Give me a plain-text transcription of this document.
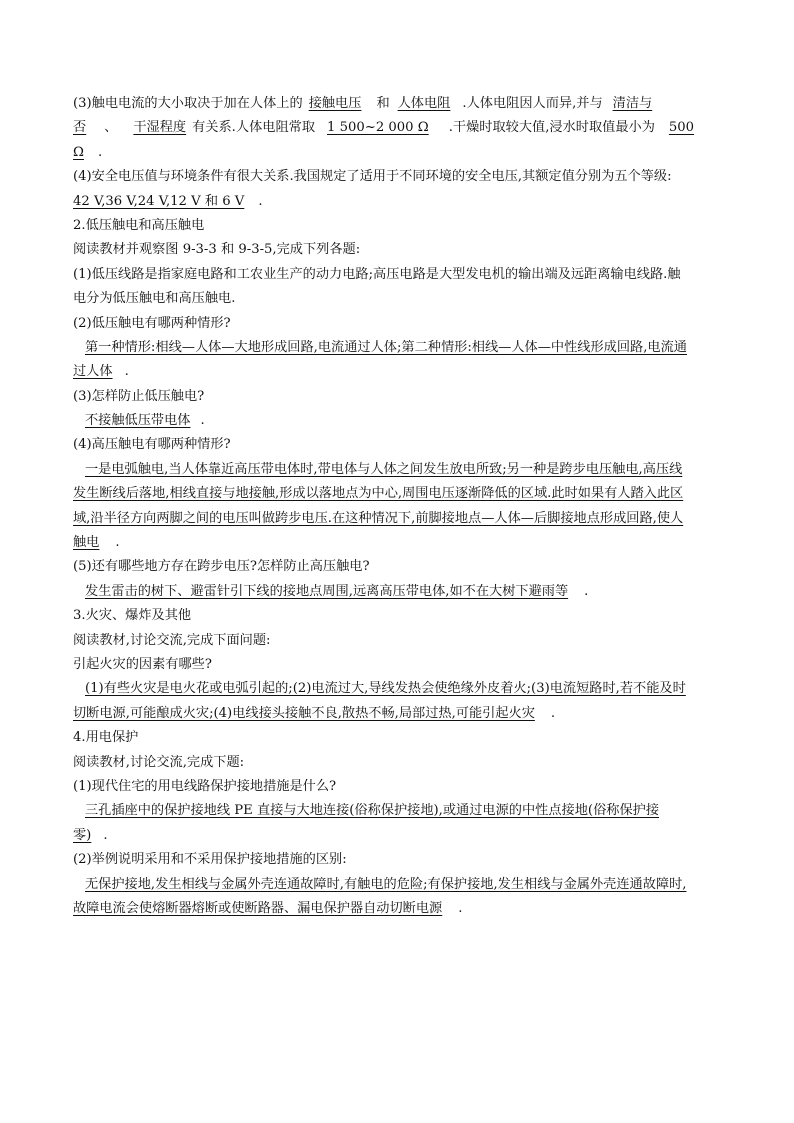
(3)触电电流的大小取决于加在人体上的 接触电压 和 人体电阻 .人体电阻因人而异,并与 清洁与
否 、 干湿程度 有关系.人体电阻常取 1 500~2 000 Ω .干燥时取较大值,浸水时取值最小为 500
Ω .
(4)安全电压值与环境条件有很大关系.我国规定了适用于不同环境的安全电压,其额定值分别为五个等级:
42 V,36 V,24 V,12 V 和 6 V .
2.低压触电和高压触电
阅读教材并观察图 9-3-3 和 9-3-5,完成下列各题:
(1)低压线路是指家庭电路和工农业生产的动力电路;高压电路是大型发电机的输出端及远距离输电线路.触
电分为低压触电和高压触电.
(2)低压触电有哪两种情形?
第一种情形:相线—人体—大地形成回路,电流通过人体;第二种情形:相线—人体—中性线形成回路,电流通
过人体 .
(3)怎样防止低压触电?
不接触低压带电体 .
(4)高压触电有哪两种情形?
一是电弧触电,当人体靠近高压带电体时,带电体与人体之间发生放电所致;另一种是跨步电压触电,高压线
发生断线后落地,相线直接与地接触,形成以落地点为中心,周围电压逐渐降低的区域.此时如果有人踏入此区
域,沿半径方向两脚之间的电压叫做跨步电压.在这种情况下,前脚接地点—人体—后脚接地点形成回路,使人
触电 .
(5)还有哪些地方存在跨步电压?怎样防止高压触电?
发生雷击的树下、避雷针引下线的接地点周围,远离高压带电体,如不在大树下避雨等 .
3.火灾、爆炸及其他
阅读教材,讨论交流,完成下面问题:
引起火灾的因素有哪些?
(1)有些火灾是电火花或电弧引起的;(2)电流过大,导线发热会使绝缘外皮着火;(3)电流短路时,若不能及时
切断电源,可能酿成火灾;(4)电线接头接触不良,散热不畅,局部过热,可能引起火灾 .
4.用电保护
阅读教材,讨论交流,完成下题:
(1)现代住宅的用电线路保护接地措施是什么?
三孔插座中的保护接地线 PE 直接与大地连接(俗称保护接地),或通过电源的中性点接地(俗称保护接
零) .
(2)举例说明采用和不采用保护接地措施的区别:
无保护接地,发生相线与金属外壳连通故障时,有触电的危险;有保护接地,发生相线与金属外壳连通故障时,
故障电流会使熔断器熔断或使断路器、漏电保护器自动切断电源 .
